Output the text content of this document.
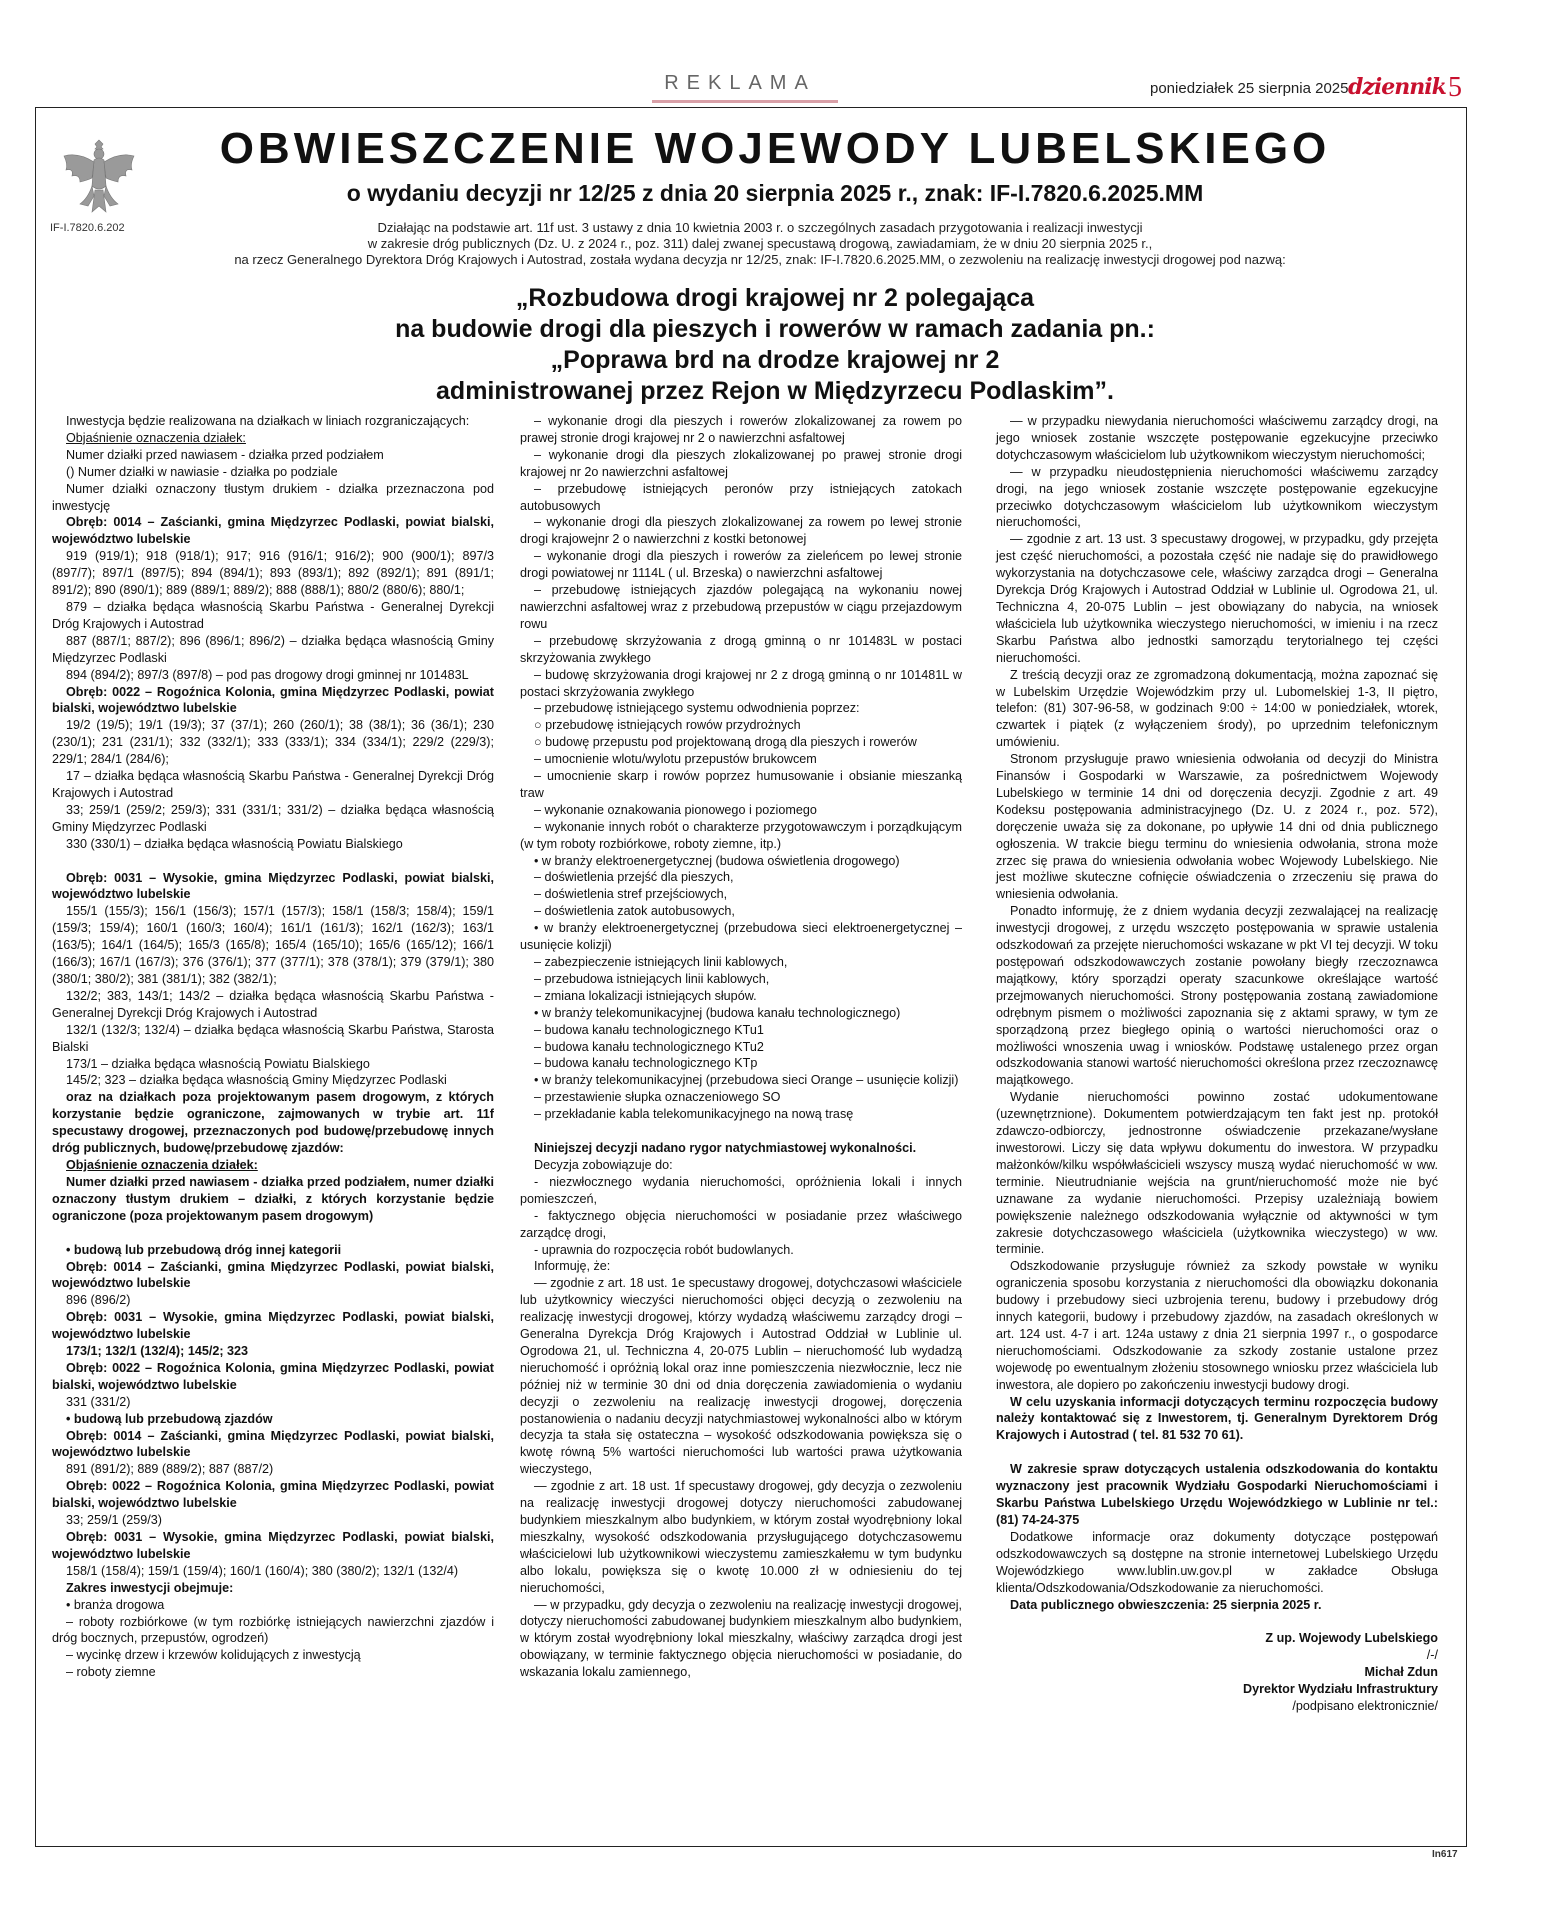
REKLAMA	poniedziałek 25 sierpnia 2025 dziennik 5
IF-I.7820.6.202
OBWIESZCZENIE WOJEWODY LUBELSKIEGO
o wydaniu decyzji nr 12/25 z dnia 20 sierpnia 2025 r., znak: IF-I.7820.6.2025.MM
Działając na podstawie art. 11f ust. 3 ustawy z dnia 10 kwietnia 2003 r. o szczególnych zasadach przygotowania i realizacji inwestycji
w zakresie dróg publicznych (Dz. U. z 2024 r., poz. 311) dalej zwanej specustawą drogową, zawiadamiam, że w dniu 20 sierpnia 2025 r.,
na rzecz Generalnego Dyrektora Dróg Krajowych i Autostrad, została wydana decyzja nr 12/25, znak: IF-I.7820.6.2025.MM, o zezwoleniu na realizację inwestycji drogowej pod nazwą:
„Rozbudowa drogi krajowej nr 2 polegająca
na budowie drogi dla pieszych i rowerów w ramach zadania pn.:
„Poprawa brd na drodze krajowej nr 2
administrowanej przez Rejon w Międzyrzecu Podlaskim”.

Inwestycja będzie realizowana na działkach w liniach rozgraniczających:

Objaśnienie oznaczenia działek:

Numer działki przed nawiasem - działka przed podziałem

() Numer działki w nawiasie - działka po podziale

Numer działki oznaczony tłustym drukiem - działka przeznaczona pod inwestycję

Obręb: 0014 – Zaścianki, gmina Międzyrzec Podlaski, powiat bialski, województwo lubelskie

919 (919/1); 918 (918/1); 917; 916 (916/1; 916/2); 900 (900/1); 897/3 (897/7); 897/1 (897/5); 894 (894/1); 893 (893/1); 892 (892/1); 891 (891/1; 891/2); 890 (890/1); 889 (889/1; 889/2); 888 (888/1); 880/2 (880/6); 880/1;

879 – działka będąca własnością Skarbu Państwa - Generalnej Dyrekcji Dróg Krajowych i Autostrad

887 (887/1; 887/2); 896 (896/1; 896/2) – działka będąca własnością Gminy Międzyrzec Podlaski

894 (894/2); 897/3 (897/8) – pod pas drogowy drogi gminnej nr 101483L

Obręb: 0022 – Rogoźnica Kolonia, gmina Międzyrzec Podlaski, powiat bialski, województwo lubelskie

19/2 (19/5); 19/1 (19/3); 37 (37/1); 260 (260/1); 38 (38/1); 36 (36/1); 230 (230/1); 231 (231/1); 332 (332/1); 333 (333/1); 334 (334/1); 229/2 (229/3); 229/1; 284/1 (284/6);

17 – działka będąca własnością Skarbu Państwa - Generalnej Dyrekcji Dróg Krajowych i Autostrad

33; 259/1 (259/2; 259/3); 331 (331/1; 331/2) – działka będąca własnością Gminy Międzyrzec Podlaski

330 (330/1) – działka będąca własnością Powiatu Bialskiego

Obręb: 0031 – Wysokie, gmina Międzyrzec Podlaski, powiat bialski, województwo lubelskie

155/1 (155/3); 156/1 (156/3); 157/1 (157/3); 158/1 (158/3; 158/4); 159/1 (159/3; 159/4); 160/1 (160/3; 160/4); 161/1 (161/3); 162/1 (162/3); 163/1 (163/5); 164/1 (164/5); 165/3 (165/8); 165/4 (165/10); 165/6 (165/12); 166/1 (166/3); 167/1 (167/3); 376 (376/1); 377 (377/1); 378 (378/1); 379 (379/1); 380 (380/1; 380/2); 381 (381/1); 382 (382/1);

132/2; 383, 143/1; 143/2 – działka będąca własnością Skarbu Państwa - Generalnej Dyrekcji Dróg Krajowych i Autostrad

132/1 (132/3; 132/4) – działka będąca własnością Skarbu Państwa, Starosta Bialski

173/1 – działka będąca własnością Powiatu Bialskiego

145/2; 323 – działka będąca własnością Gminy Międzyrzec Podlaski

oraz na działkach poza projektowanym pasem drogowym, z których korzystanie będzie ograniczone, zajmowanych w trybie art. 11f specustawy drogowej, przeznaczonych pod budowę/przebudowę innych dróg publicznych, budowę/przebudowę zjazdów:

Objaśnienie oznaczenia działek:

Numer działki przed nawiasem - działka przed podziałem, numer działki oznaczony tłustym drukiem – działki, z których korzystanie będzie ograniczone (poza projektowanym pasem drogowym)

• budową lub przebudową dróg innej kategorii

Obręb: 0014 – Zaścianki, gmina Międzyrzec Podlaski, powiat bialski, województwo lubelskie

896 (896/2)

Obręb: 0031 – Wysokie, gmina Międzyrzec Podlaski, powiat bialski, województwo lubelskie

173/1; 132/1 (132/4); 145/2; 323

Obręb: 0022 – Rogoźnica Kolonia, gmina Międzyrzec Podlaski, powiat bialski, województwo lubelskie

331 (331/2)

• budową lub przebudową zjazdów

Obręb: 0014 – Zaścianki, gmina Międzyrzec Podlaski, powiat bialski, województwo lubelskie

891 (891/2); 889 (889/2); 887 (887/2)

Obręb: 0022 – Rogoźnica Kolonia, gmina Międzyrzec Podlaski, powiat bialski, województwo lubelskie

33; 259/1 (259/3)

Obręb: 0031 – Wysokie, gmina Międzyrzec Podlaski, powiat bialski, województwo lubelskie

158/1 (158/4); 159/1 (159/4); 160/1 (160/4); 380 (380/2); 132/1 (132/4)

Zakres inwestycji obejmuje:

• branża drogowa

– roboty rozbiórkowe (w tym rozbiórkę istniejących nawierzchni zjazdów i dróg bocznych, przepustów, ogrodzeń)

– wycinkę drzew i krzewów kolidujących z inwestycją

– roboty ziemne

– wykonanie drogi dla pieszych i rowerów zlokalizowanej za rowem po prawej stronie drogi krajowej nr 2 o nawierzchni asfaltowej

– wykonanie drogi dla pieszych zlokalizowanej po prawej stronie drogi krajowej nr 2o nawierzchni asfaltowej

– przebudowę istniejących peronów przy istniejących zatokach autobusowych

– wykonanie drogi dla pieszych zlokalizowanej za rowem po lewej stronie drogi krajowejnr 2 o nawierzchni z kostki betonowej

– wykonanie drogi dla pieszych i rowerów za zieleńcem po lewej stronie drogi powiatowej nr 1114L ( ul. Brzeska) o nawierzchni asfaltowej

– przebudowę istniejących zjazdów polegającą na wykonaniu nowej nawierzchni asfaltowej wraz z przebudową przepustów w ciągu przejazdowym rowu

– przebudowę skrzyżowania z drogą gminną o nr 101483L w postaci skrzyżowania zwykłego

– budowę skrzyżowania drogi krajowej nr 2 z drogą gminną o nr 101481L w postaci skrzyżowania zwykłego

– przebudowę istniejącego systemu odwodnienia poprzez:

○ przebudowę istniejących rowów przydrożnych

○ budowę przepustu pod projektowaną drogą dla pieszych i rowerów

– umocnienie wlotu/wylotu przepustów brukowcem

– umocnienie skarp i rowów poprzez humusowanie i obsianie mieszanką traw

– wykonanie oznakowania pionowego i poziomego

– wykonanie innych robót o charakterze przygotowawczym i porządkującym (w tym roboty rozbiórkowe, roboty ziemne, itp.)

• w branży elektroenergetycznej (budowa oświetlenia drogowego)

– doświetlenia przejść dla pieszych,

– doświetlenia stref przejściowych,

– doświetlenia zatok autobusowych,

• w branży elektroenergetycznej (przebudowa sieci elektroenergetycznej – usunięcie kolizji)

– zabezpieczenie istniejących linii kablowych,

– przebudowa istniejących linii kablowych,

– zmiana lokalizacji istniejących słupów.

• w branży telekomunikacyjnej (budowa kanału technologicznego)

– budowa kanału technologicznego KTu1

– budowa kanału technologicznego KTu2

– budowa kanału technologicznego KTp

• w branży telekomunikacyjnej (przebudowa sieci Orange – usunięcie kolizji)

– przestawienie słupka oznaczeniowego SO

– przekładanie kabla telekomunikacyjnego na nową trasę

Niniejszej decyzji nadano rygor natychmiastowej wykonalności.

Decyzja zobowiązuje do:

- niezwłocznego wydania nieruchomości, opróżnienia lokali i innych pomieszczeń,

- faktycznego objęcia nieruchomości w posiadanie przez właściwego zarządcę drogi,

- uprawnia do rozpoczęcia robót budowlanych.

Informuję, że:

— zgodnie z art. 18 ust. 1e specustawy drogowej, dotychczasowi właściciele lub użytkownicy wieczyści nieruchomości objęci decyzją o zezwoleniu na realizację inwestycji drogowej, którzy wydadzą właściwemu zarządcy drogi – Generalna Dyrekcja Dróg Krajowych i Autostrad Oddział w Lublinie ul. Ogrodowa 21, ul. Techniczna 4, 20-075 Lublin – nieruchomość lub wydadzą nieruchomość i opróżnią lokal oraz inne pomieszczenia niezwłocznie, lecz nie później niż w terminie 30 dni od dnia doręczenia zawiadomienia o wydaniu decyzji o zezwoleniu na realizację inwestycji drogowej, doręczenia postanowienia o nadaniu decyzji natychmiastowej wykonalności albo w którym decyzja ta stała się ostateczna – wysokość odszkodowania powiększa się o kwotę równą 5% wartości nieruchomości lub wartości prawa użytkowania wieczystego,

— zgodnie z art. 18 ust. 1f specustawy drogowej, gdy decyzja o zezwoleniu na realizację inwestycji drogowej dotyczy nieruchomości zabudowanej budynkiem mieszkalnym albo budynkiem, w którym został wyodrębniony lokal mieszkalny, wysokość odszkodowania przysługującego dotychczasowemu właścicielowi lub użytkownikowi wieczystemu zamieszkałemu w tym budynku albo lokalu, powiększa się o kwotę 10.000 zł w odniesieniu do tej nieruchomości,

— w przypadku, gdy decyzja o zezwoleniu na realizację inwestycji drogowej, dotyczy nieruchomości zabudowanej budynkiem mieszkalnym albo budynkiem, w którym został wyodrębniony lokal mieszkalny, właściwy zarządca drogi jest obowiązany, w terminie faktycznego objęcia nieruchomości w posiadanie, do wskazania lokalu zamiennego,

— w przypadku niewydania nieruchomości właściwemu zarządcy drogi, na jego wniosek zostanie wszczęte postępowanie egzekucyjne przeciwko dotychczasowym właścicielom lub użytkownikom wieczystym nieruchomości;

— w przypadku nieudostępnienia nieruchomości właściwemu zarządcy drogi, na jego wniosek zostanie wszczęte postępowanie egzekucyjne przeciwko dotychczasowym właścicielom lub użytkownikom wieczystym nieruchomości,

— zgodnie z art. 13 ust. 3 specustawy drogowej, w przypadku, gdy przejęta jest część nieruchomości, a pozostała część nie nadaje się do prawidłowego wykorzystania na dotychczasowe cele, właściwy zarządca drogi – Generalna Dyrekcja Dróg Krajowych i Autostrad Oddział w Lublinie ul. Ogrodowa 21, ul. Techniczna 4, 20-075 Lublin – jest obowiązany do nabycia, na wniosek właściciela lub użytkownika wieczystego nieruchomości, w imieniu i na rzecz Skarbu Państwa albo jednostki samorządu terytorialnego tej części nieruchomości.

Z treścią decyzji oraz ze zgromadzoną dokumentacją, można zapoznać się w Lubelskim Urzędzie Wojewódzkim przy ul. Lubomelskiej 1-3, II piętro, telefon: (81) 307-96-58, w godzinach 9:00 ÷ 14:00 w poniedziałek, wtorek, czwartek i piątek (z wyłączeniem środy), po uprzednim telefonicznym umówieniu.

Stronom przysługuje prawo wniesienia odwołania od decyzji do Ministra Finansów i Gospodarki w Warszawie, za pośrednictwem Wojewody Lubelskiego w terminie 14 dni od doręczenia decyzji. Zgodnie z art. 49 Kodeksu postępowania administracyjnego (Dz. U. z 2024 r., poz. 572), doręczenie uważa się za dokonane, po upływie 14 dni od dnia publicznego ogłoszenia. W trakcie biegu terminu do wniesienia odwołania, strona może zrzec się prawa do wniesienia odwołania wobec Wojewody Lubelskiego. Nie jest możliwe skuteczne cofnięcie oświadczenia o zrzeczeniu się prawa do wniesienia odwołania.

Ponadto informuję, że z dniem wydania decyzji zezwalającej na realizację inwestycji drogowej, z urzędu wszczęto postępowania w sprawie ustalenia odszkodowań za przejęte nieruchomości wskazane w pkt VI tej decyzji. W toku postępowań odszkodowawczych zostanie powołany biegły rzeczoznawca majątkowy, który sporządzi operaty szacunkowe określające wartość przejmowanych nieruchomości. Strony postępowania zostaną zawiadomione odrębnym pismem o możliwości zapoznania się z aktami sprawy, w tym ze sporządzoną przez biegłego opinią o wartości nieruchomości oraz o możliwości wnoszenia uwag i wniosków. Podstawę ustalenego przez organ odszkodowania stanowi wartość nieruchomości określona przez rzeczoznawcę majątkowego.

Wydanie nieruchomości powinno zostać udokumentowane (uzewnętrznione). Dokumentem potwierdzającym ten fakt jest np. protokół zdawczo-odbiorczy, jednostronne oświadczenie przekazane/wysłane inwestorowi. Liczy się data wpływu dokumentu do inwestora. W przypadku małżonków/kilku współwłaścicieli wszyscy muszą wydać nieruchomość w ww. terminie. Nieutrudnianie wejścia na grunt/nieruchomość może nie być uznawane za wydanie nieruchomości. Przepisy uzależniają bowiem powiększenie należnego odszkodowania wyłącznie od aktywności w tym zakresie dotychczasowego właściciela (użytkownika wieczystego) w ww. terminie.

Odszkodowanie przysługuje również za szkody powstałe w wyniku ograniczenia sposobu korzystania z nieruchomości dla obowiązku dokonania budowy i przebudowy sieci uzbrojenia terenu, budowy i przebudowy dróg innych kategorii, budowy i przebudowy zjazdów, na zasadach określonych w art. 124 ust. 4-7 i art. 124a ustawy z dnia 21 sierpnia 1997 r., o gospodarce nieruchomościami. Odszkodowanie za szkody zostanie ustalone przez wojewodę po ewentualnym złożeniu stosownego wniosku przez właściciela lub inwestora, ale dopiero po zakończeniu inwestycji budowy drogi.

W celu uzyskania informacji dotyczących terminu rozpoczęcia budowy należy kontaktować się z Inwestorem, tj. Generalnym Dyrektorem Dróg Krajowych i Autostrad ( tel. 81 532 70 61).

W zakresie spraw dotyczących ustalenia odszkodowania do kontaktu wyznaczony jest pracownik Wydziału Gospodarki Nieruchomościami i Skarbu Państwa Lubelskiego Urzędu Wojewódzkiego w Lublinie nr tel.: (81) 74-24-375

Dodatkowe informacje oraz dokumenty dotyczące postępowań odszkodowawczych są dostępne na stronie internetowej Lubelskiego Urzędu Wojewódzkiego www.lublin.uw.gov.pl w zakładce Obsługa klienta/Odszkodowania/Odszkodowanie za nieruchomości.

Data publicznego obwieszczenia: 25 sierpnia 2025 r.

Z up. Wojewody Lubelskiego

/-/

Michał Zdun

Dyrektor Wydziału Infrastruktury

/podpisano elektronicznie/

In617
